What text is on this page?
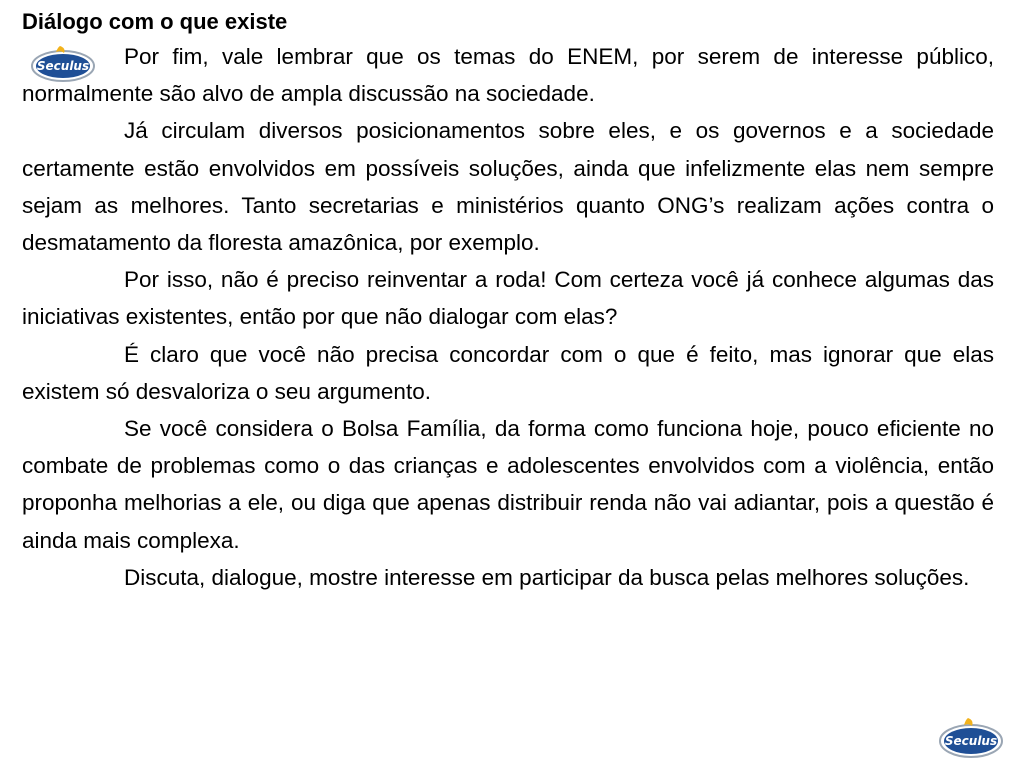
Diálogo com o que existe

Por fim, vale lembrar que os temas do ENEM, por serem de interesse público, normalmente são alvo de ampla discussão na sociedade.

Já circulam diversos posicionamentos sobre eles, e os governos e a sociedade certamente estão envolvidos em possíveis soluções, ainda que infelizmente elas nem sempre sejam as melhores. Tanto secretarias e ministérios quanto ONG’s realizam ações contra o desmatamento da floresta amazônica, por exemplo.

Por isso, não é preciso reinventar a roda! Com certeza você já conhece algumas das iniciativas existentes, então por que não dialogar com elas?

É claro que você não precisa concordar com o que é feito, mas ignorar que elas existem só desvaloriza o seu argumento.

Se você considera o Bolsa Família, da forma como funciona hoje, pouco eficiente no combate de problemas como o das crianças e adolescentes envolvidos com a violência, então proponha melhorias a ele, ou diga que apenas distribuir renda não vai adiantar, pois a questão é ainda mais complexa.

Discuta, dialogue, mostre interesse em participar da busca pelas melhores soluções.

Seculus
Seculus
